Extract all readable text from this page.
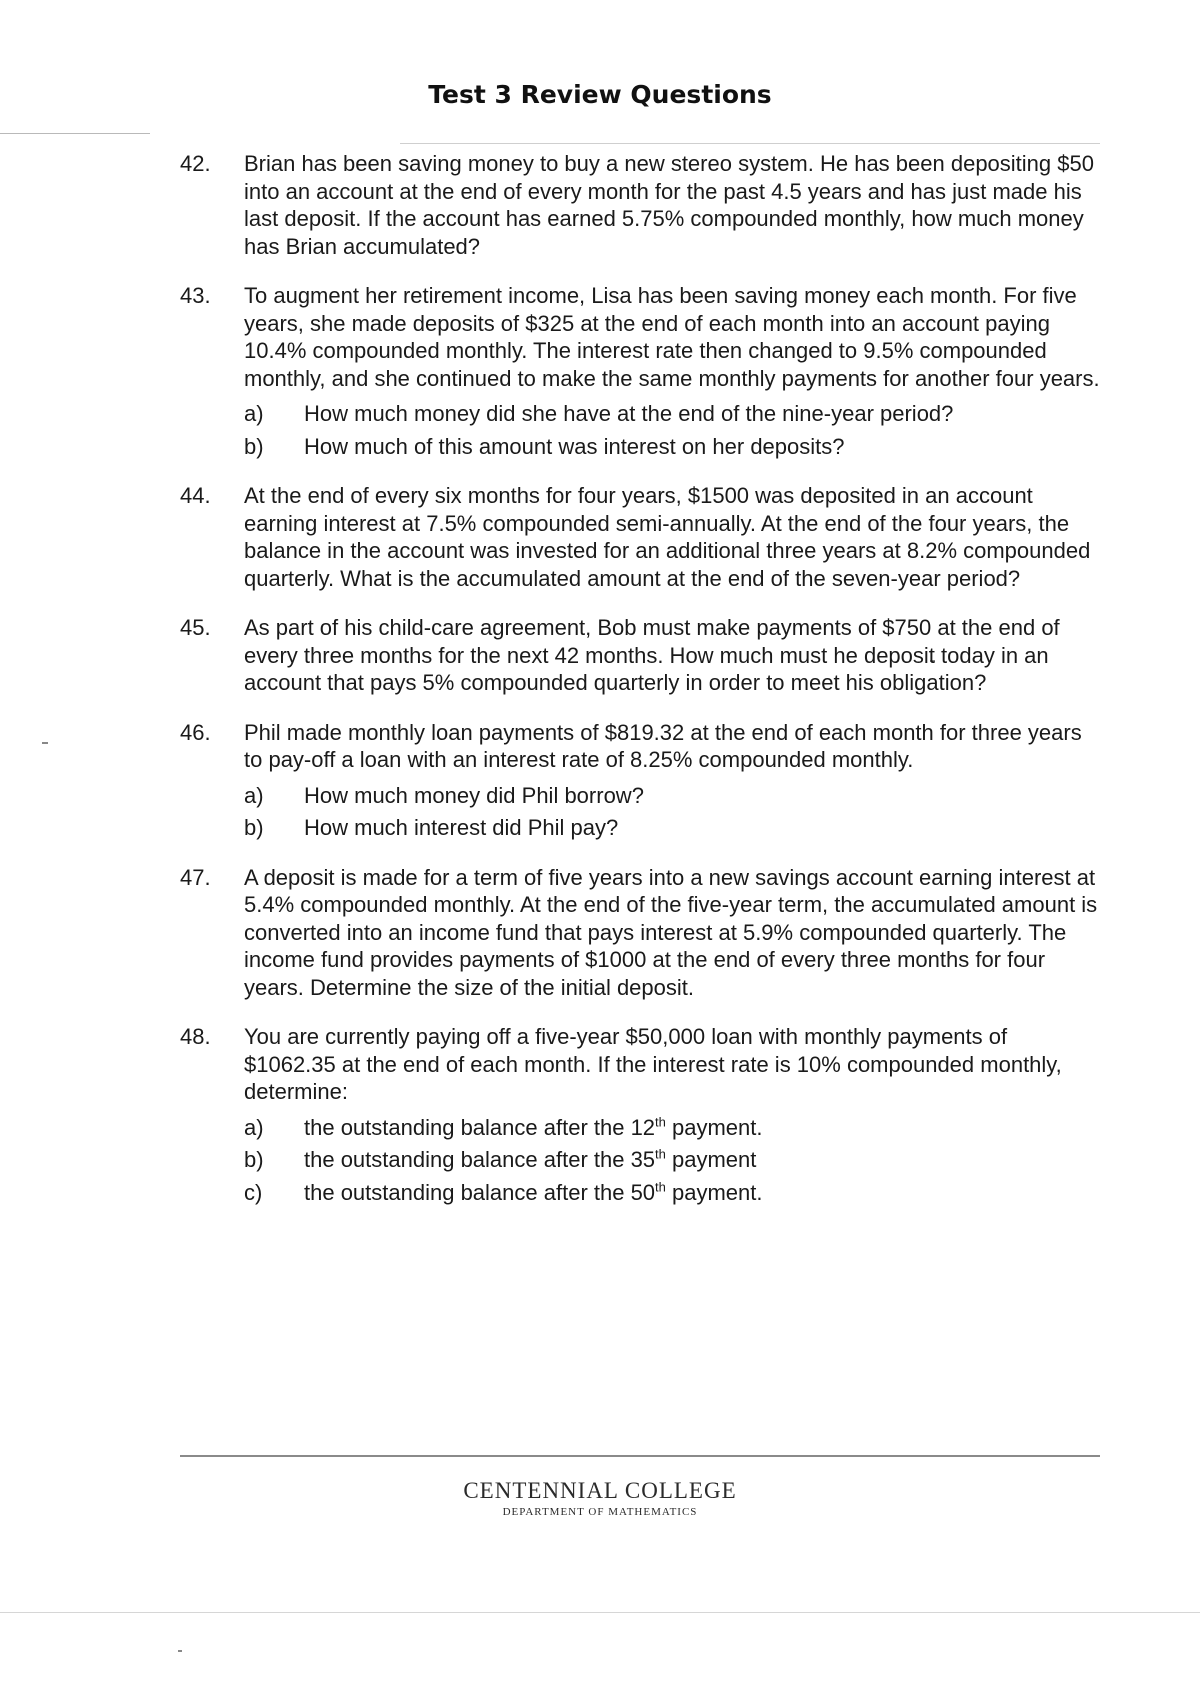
Test 3 Review Questions
42.	Brian has been saving money to buy a new stereo system. He has been depositing $50 into an account at the end of every month for the past 4.5 years and has just made his last deposit. If the account has earned 5.75% compounded monthly, how much money has Brian accumulated?
43.	To augment her retirement income, Lisa has been saving money each month. For five years, she made deposits of $325 at the end of each month into an account paying 10.4% compounded monthly. The interest rate then changed to 9.5% compounded monthly, and she continued to make the same monthly payments for another four years.
a)	How much money did she have at the end of the nine-year period?
b)	How much of this amount was interest on her deposits?
44.	At the end of every six months for four years, $1500 was deposited in an account earning interest at 7.5% compounded semi-annually. At the end of the four years, the balance in the account was invested for an additional three years at 8.2% compounded quarterly. What is the accumulated amount at the end of the seven-year period?
45.	As part of his child-care agreement, Bob must make payments of $750 at the end of every three months for the next 42 months. How much must he deposit today in an account that pays 5% compounded quarterly in order to meet his obligation?
46.	Phil made monthly loan payments of $819.32 at the end of each month for three years to pay-off a loan with an interest rate of 8.25% compounded monthly.
a)	How much money did Phil borrow?
b)	How much interest did Phil pay?
47.	A deposit is made for a term of five years into a new savings account earning interest at 5.4% compounded monthly. At the end of the five-year term, the accumulated amount is converted into an income fund that pays interest at 5.9% compounded quarterly. The income fund provides payments of $1000 at the end of every three months for four years. Determine the size of the initial deposit.
48.	You are currently paying off a five-year $50,000 loan with monthly payments of $1062.35 at the end of each month. If the interest rate is 10% compounded monthly, determine:
a)	the outstanding balance after the 12th payment.
b)	the outstanding balance after the 35th payment
c)	the outstanding balance after the 50th payment.
CENTENNIAL COLLEGE
DEPARTMENT OF MATHEMATICS
